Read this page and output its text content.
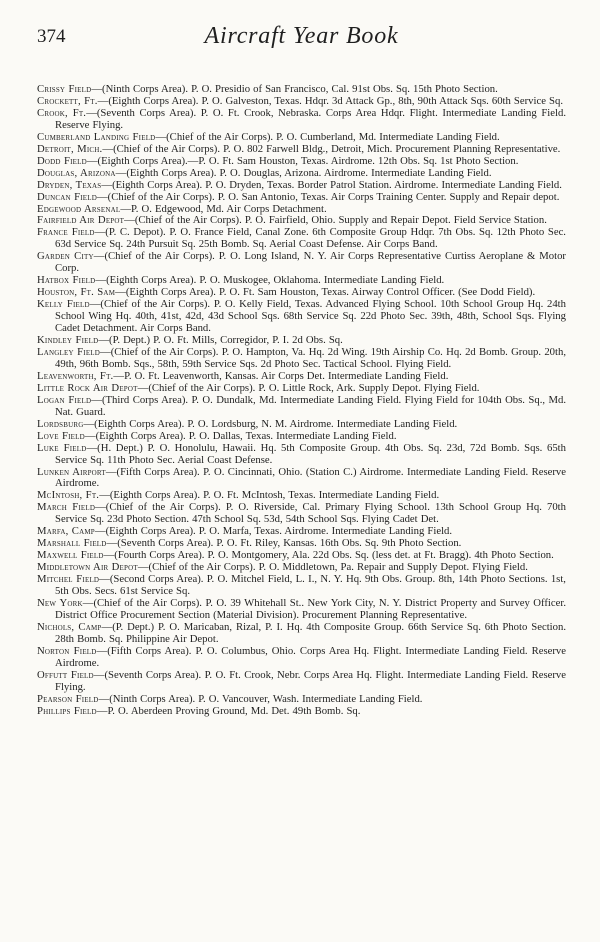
374	Aircraft Year Book

Crissy Field—(Ninth Corps Area). P. O. Presidio of San Francisco, Cal. 91st Obs. Sq. 15th Photo Section.

Crockett, Ft.—(Eighth Corps Area). P. O. Galveston, Texas. Hdqr. 3d Attack Gp., 8th, 90th Attack Sqs. 60th Service Sq.

Crook, Ft.—(Seventh Corps Area). P. O. Ft. Crook, Nebraska. Corps Area Hdqr. Flight. Intermediate Landing Field. Reserve Flying.

Cumberland Landing Field—(Chief of the Air Corps). P. O. Cumberland, Md. Intermediate Landing Field.

Detroit, Mich.—(Chief of the Air Corps). P. O. 802 Farwell Bldg., Detroit, Mich. Procurement Planning Representative.

Dodd Field—(Eighth Corps Area).—P. O. Ft. Sam Houston, Texas. Airdrome. 12th Obs. Sq. 1st Photo Section.

Douglas, Arizona—(Eighth Corps Area). P. O. Douglas, Arizona. Airdrome. Intermediate Landing Field.

Dryden, Texas—(Eighth Corps Area). P. O. Dryden, Texas. Border Patrol Station. Airdrome. Intermediate Landing Field.

Duncan Field—(Chief of the Air Corps). P. O. San Antonio, Texas. Air Corps Training Center. Supply and Repair depot.

Edgewood Arsenal—P. O. Edgewood, Md. Air Corps Detachment.

Fairfield Air Depot—(Chief of the Air Corps). P. O. Fairfield, Ohio. Supply and Repair Depot. Field Service Station.

France Field—(P. C. Depot). P. O. France Field, Canal Zone. 6th Composite Group Hdqr. 7th Obs. Sq. 12th Photo Sec. 63d Service Sq. 24th Pursuit Sq. 25th Bomb. Sq. Aerial Coast Defense. Air Corps Band.

Garden City—(Chief of the Air Corps). P. O. Long Island, N. Y. Air Corps Representative Curtiss Aeroplane & Motor Corp.

Hatbox Field—(Eighth Corps Area). P. O. Muskogee, Oklahoma. Intermediate Landing Field.

Houston, Ft. Sam—(Eighth Corps Area). P. O. Ft. Sam Houston, Texas. Airway Control Officer. (See Dodd Field).

Kelly Field—(Chief of the Air Corps). P. O. Kelly Field, Texas. Advanced Flying School. 10th School Group Hq. 24th School Wing Hq. 40th, 41st, 42d, 43d School Sqs. 68th Service Sq. 22d Photo Sec. 39th, 48th, School Sqs. Flying Cadet Detachment. Air Corps Band.

Kindley Field—(P. Dept.) P. O. Ft. Mills, Corregidor, P. I. 2d Obs. Sq.

Langley Field—(Chief of the Air Corps). P. O. Hampton, Va. Hq. 2d Wing. 19th Airship Co. Hq. 2d Bomb. Group. 20th, 49th, 96th Bomb. Sqs., 58th, 59th Service Sqs. 2d Photo Sec. Tactical School. Flying Field.

Leavenworth, Ft.—P. O. Ft. Leavenworth, Kansas. Air Corps Det. Intermediate Landing Field.

Little Rock Air Depot—(Chief of the Air Corps). P. O. Little Rock, Ark. Supply Depot. Flying Field.

Logan Field—(Third Corps Area). P. O. Dundalk, Md. Intermediate Landing Field. Flying Field for 104th Obs. Sq., Md. Nat. Guard.

Lordsburg—(Eighth Corps Area). P. O. Lordsburg, N. M. Airdrome. Intermediate Landing Field.

Love Field—(Eighth Corps Area). P. O. Dallas, Texas. Intermediate Landing Field.

Luke Field—(H. Dept.) P. O. Honolulu, Hawaii. Hq. 5th Composite Group. 4th Obs. Sq. 23d, 72d Bomb. Sqs. 65th Service Sq. 11th Photo Sec. Aerial Coast Defense.

Lunken Airport—(Fifth Corps Area). P. O. Cincinnati, Ohio. (Station C.) Airdrome. Intermediate Landing Field. Reserve Airdrome.

McIntosh, Ft.—(Eighth Corps Area). P. O. Ft. McIntosh, Texas. Intermediate Landing Field.

March Field—(Chief of the Air Corps). P. O. Riverside, Cal. Primary Flying School. 13th School Group Hq. 70th Service Sq. 23d Photo Section. 47th School Sq. 53d, 54th School Sqs. Flying Cadet Det.

Marfa, Camp—(Eighth Corps Area). P. O. Marfa, Texas. Airdrome. Intermediate Landing Field.

Marshall Field—(Seventh Corps Area). P. O. Ft. Riley, Kansas. 16th Obs. Sq. 9th Photo Section.

Maxwell Field—(Fourth Corps Area). P. O. Montgomery, Ala. 22d Obs. Sq. (less det. at Ft. Bragg). 4th Photo Section.

Middletown Air Depot—(Chief of the Air Corps). P. O. Middletown, Pa. Repair and Supply Depot. Flying Field.

Mitchel Field—(Second Corps Area). P. O. Mitchel Field, L. I., N. Y. Hq. 9th Obs. Group. 8th, 14th Photo Sections. 1st, 5th Obs. Secs. 61st Service Sq.

New York—(Chief of the Air Corps). P. O. 39 Whitehall St.. New York City, N. Y. District Property and Survey Officer. District Office Procurement Section (Material Division). Procurement Planning Representative.

Nichols, Camp—(P. Dept.) P. O. Maricaban, Rizal, P. I. Hq. 4th Composite Group. 66th Service Sq. 6th Photo Section. 28th Bomb. Sq. Philippine Air Depot.

Norton Field—(Fifth Corps Area). P. O. Columbus, Ohio. Corps Area Hq. Flight. Intermediate Landing Field. Reserve Airdrome.

Offutt Field—(Seventh Corps Area). P. O. Ft. Crook, Nebr. Corps Area Hq. Flight. Intermediate Landing Field. Reserve Flying.

Pearson Field—(Ninth Corps Area). P. O. Vancouver, Wash. Intermediate Landing Field.

Phillips Field—P. O. Aberdeen Proving Ground, Md. Det. 49th Bomb. Sq.
